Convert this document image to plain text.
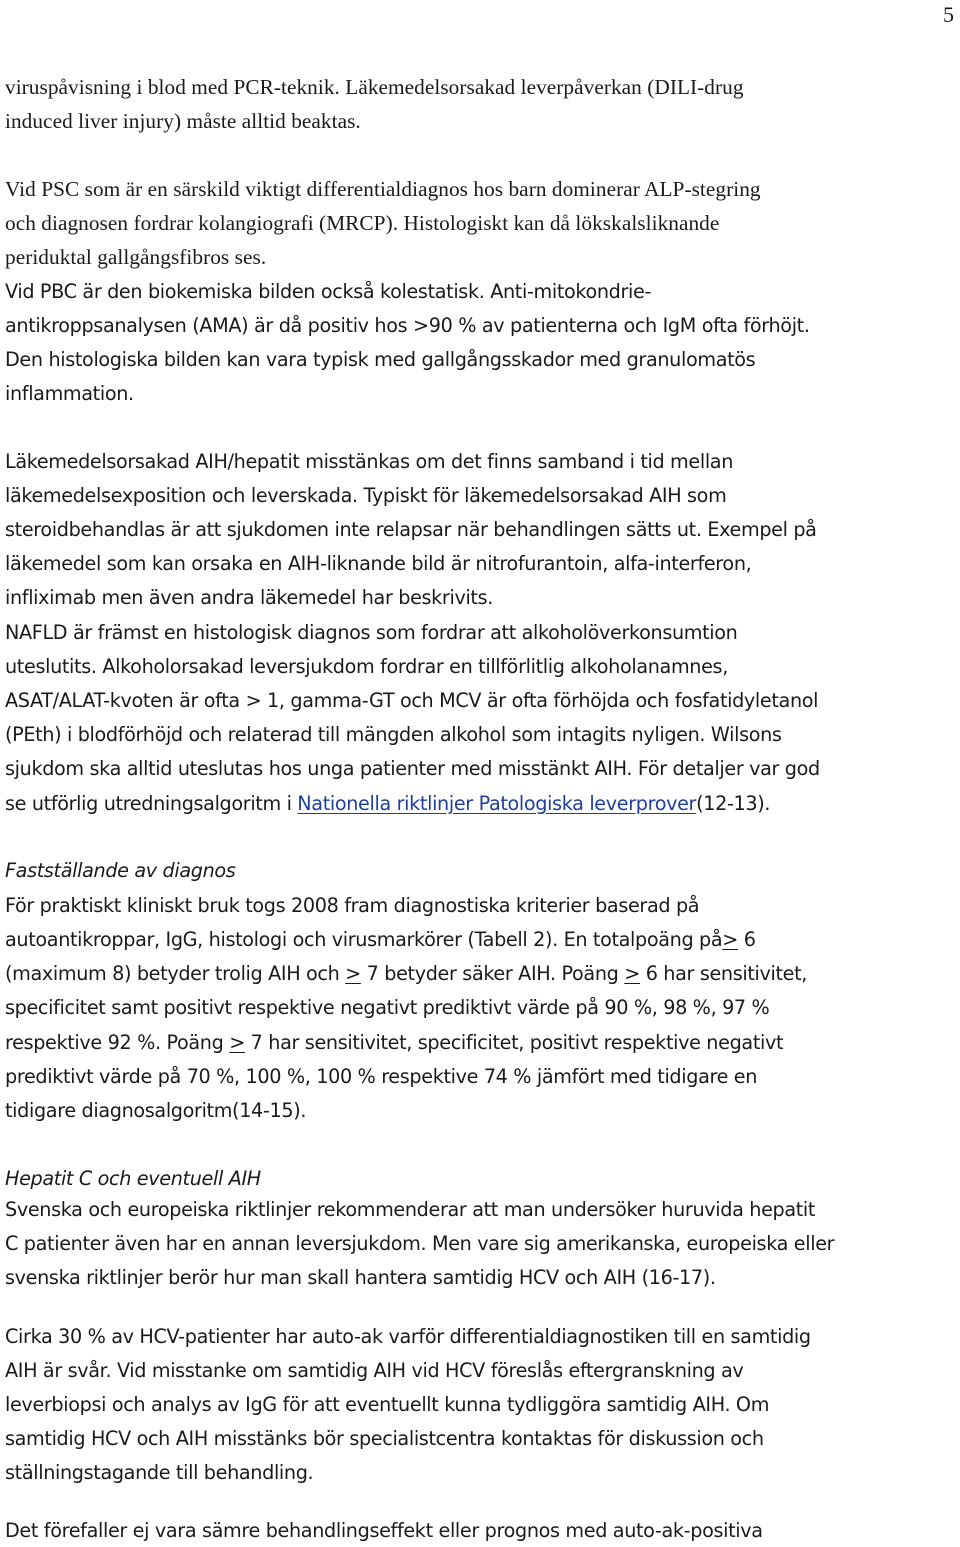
5
viruspåvisning i blod med PCR-teknik. Läkemedelsorsakad leverpåverkan (DILI-drug
induced liver injury) måste alltid beaktas.
Vid PSC som är en särskild viktigt differentialdiagnos hos barn dominerar ALP-stegring
och diagnosen fordrar kolangiografi (MRCP). Histologiskt kan då lökskalsliknande
periduktal gallgångsfibros ses.
Vid PBC är den biokemiska bilden också kolestatisk. Anti-mitokondrie-
antikroppsanalysen (AMA) är då positiv hos >90 % av patienterna och IgM ofta förhöjt.
Den histologiska bilden kan vara typisk med gallgångsskador med granulomatös
inflammation.
Läkemedelsorsakad AIH/hepatit misstänkas om det finns samband i tid mellan
läkemedelsexposition och leverskada. Typiskt för läkemedelsorsakad AIH som
steroidbehandlas är att sjukdomen inte relapsar när behandlingen sätts ut. Exempel på
läkemedel som kan orsaka en AIH-liknande bild är nitrofurantoin, alfa-interferon,
infliximab men även andra läkemedel har beskrivits.
NAFLD är främst en histologisk diagnos som fordrar att alkoholöverkonsumtion
uteslutits. Alkoholorsakad leversjukdom fordrar en tillförlitlig alkoholanamnes,
ASAT/ALAT-kvoten är ofta > 1, gamma-GT och MCV är ofta förhöjda och fosfatidyletanol
(PEth) i blodförhöjd och relaterad till mängden alkohol som intagits nyligen. Wilsons
sjukdom ska alltid uteslutas hos unga patienter med misstänkt AIH. För detaljer var god
se utförlig utredningsalgoritm i Nationella riktlinjer Patologiska leverprover(12-13).
Fastställande av diagnos
För praktiskt kliniskt bruk togs 2008 fram diagnostiska kriterier baserad på
autoantikroppar, IgG, histologi och virusmarkörer (Tabell 2). En totalpoäng på≥ 6
(maximum 8) betyder trolig AIH och ≥ 7 betyder säker AIH. Poäng ≥ 6 har sensitivitet,
specificitet samt positivt respektive negativt prediktivt värde på 90 %, 98 %, 97 %
respektive 92 %. Poäng ≥ 7 har sensitivitet, specificitet, positivt respektive negativt
prediktivt värde på 70 %, 100 %, 100 % respektive 74 % jämfört med tidigare en
tidigare diagnosalgoritm(14-15).
Hepatit C och eventuell AIH
Svenska och europeiska riktlinjer rekommenderar att man undersöker huruvida hepatit
C patienter även har en annan leversjukdom. Men vare sig amerikanska, europeiska eller
svenska riktlinjer berör hur man skall hantera samtidig HCV och AIH (16-17).
Cirka 30 % av HCV-patienter har auto-ak varför differentialdiagnostiken till en samtidig
AIH är svår. Vid misstanke om samtidig AIH vid HCV föreslås eftergranskning av
leverbiopsi och analys av IgG för att eventuellt kunna tydliggöra samtidig AIH. Om
samtidig HCV och AIH misstänks bör specialistcentra kontaktas för diskussion och
ställningstagande till behandling.
Det förefaller ej vara sämre behandlingseffekt eller prognos med auto-ak-positiva
